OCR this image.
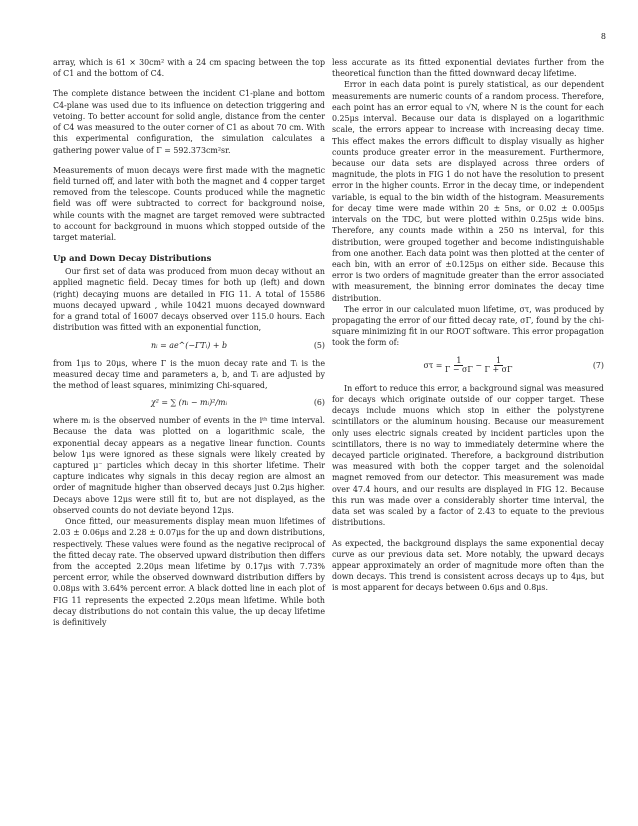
8

array, which is 61 × 30cm² with a 24 cm spacing between the top of C1 and the bottom of C4.

The complete distance between the incident C1-plane and bottom C4-plane was used due to its influence on detection triggering and vetoing. To better account for solid angle, distance from the center of C4 was measured to the outer corner of C1 as about 70 cm. With this experimental configuration, the simulation calculates a gathering power value of Γ = 592.373cm²sr.

Measurements of muon decays were first made with the magnetic field turned off, and later with both the magnet and 4 copper target removed from the telescope. Counts produced while the magnetic field was off were subtracted to correct for background noise, while counts with the magnet are target removed were subtracted to account for background in muons which stopped outside of the target material.

Up and Down Decay Distributions

Our first set of data was produced from muon decay without an applied magnetic field. Decay times for both up (left) and down (right) decaying muons are detailed in FIG 11. A total of 15586 muons decayed upward , while 10421 muons decayed downward for a grand total of 16007 decays observed over 115.0 hours. Each distribution was fitted with an exponential function,

nᵢ = ae^(−ΓTᵢ) + b	(5)

from 1μs to 20μs, where Γ is the muon decay rate and Tᵢ is the measured decay time and parameters a, b, and Tᵢ are adjusted by the method of least squares, minimizing Chi-squared,

χ² = ∑ (nᵢ − mᵢ)²/mᵢ	(6)

where mᵢ is the observed number of events in the iᵗʰ time interval. Because the data was plotted on a logarithmic scale, the exponential decay appears as a negative linear function. Counts below 1μs were ignored as these signals were likely created by captured μ⁻ particles which decay in this shorter lifetime. Their capture indicates why signals in this decay region are almost an order of magnitude higher than observed decays just 0.2μs higher. Decays above 12μs were still fit to, but are not displayed, as the observed counts do not deviate beyond 12μs.

Once fitted, our measurements display mean muon lifetimes of 2.03 ± 0.06μs and 2.28 ± 0.07μs for the up and down distributions, respectively. These values were found as the negative reciprocal of the fitted decay rate. The observed upward distribution then differs from the accepted 2.20μs mean lifetime by 0.17μs with 7.73% percent error, while the observed downward distribution differs by 0.08μs with 3.64% percent error. A black dotted line in each plot of FIG 11 represents the expected 2.20μs mean lifetime. While both decay distributions do not contain this value, the up decay lifetime is definitively

less accurate as its fitted exponential deviates further from the theoretical function than the fitted downward decay lifetime.

Error in each data point is purely statistical, as our dependent measurements are numeric counts of a random process. Therefore, each point has an error equal to √N, where N is the count for each 0.25μs interval. Because our data is displayed on a logarithmic scale, the errors appear to increase with increasing decay time. This effect makes the errors difficult to display visually as higher counts produce greater error in the measurement. Furthermore, because our data sets are displayed across three orders of magnitude, the plots in FIG 1 do not have the resolution to present error in the higher counts. Error in the decay time, or independent variable, is equal to the bin width of the histogram. Measurements for decay time were made within 20 ± 5ns, or 0.02 ± 0.005μs intervals on the TDC, but were plotted within 0.25μs wide bins. Therefore, any counts made within a 250 ns interval, for this distribution, were grouped together and become indistinguishable from one another. Each data point was then plotted at the center of each bin, with an error of ±0.125μs on either side. Because this error is two orders of magnitude greater than the error associated with measurement, the binning error dominates the decay time distribution.

The error in our calculated muon lifetime, στ, was produced by propagating the error of our fitted decay rate, σΓ, found by the chi-square minimizing fit in our ROOT software. This error propagation took the form of:

$\sigma\tau = \frac{1}{\Gamma - \sigma\Gamma} - \frac{1}{\Gamma + \sigma\Gamma}$	(7)

In effort to reduce this error, a background signal was measured for decays which originate outside of our copper target. These decays include muons which stop in either the polystyrene scintillators or the aluminum housing. Because our measurement only uses electric signals created by incident particles upon the scintillators, there is no way to immediately determine where the decayed particle originated. Therefore, a background distribution was measured with both the copper target and the solenoidal magnet removed from our detector. This measurement was made over 47.4 hours, and our results are displayed in FIG 12. Because this run was made over a considerably shorter time interval, the data set was scaled by a factor of 2.43 to equate to the previous distributions.

As expected, the background displays the same exponential decay curve as our previous data set. More notably, the upward decays appear approximately an order of magnitude more often than the down decays. This trend is consistent across decays up to 4μs, but is most apparent for decays between 0.6μs and 0.8μs.
